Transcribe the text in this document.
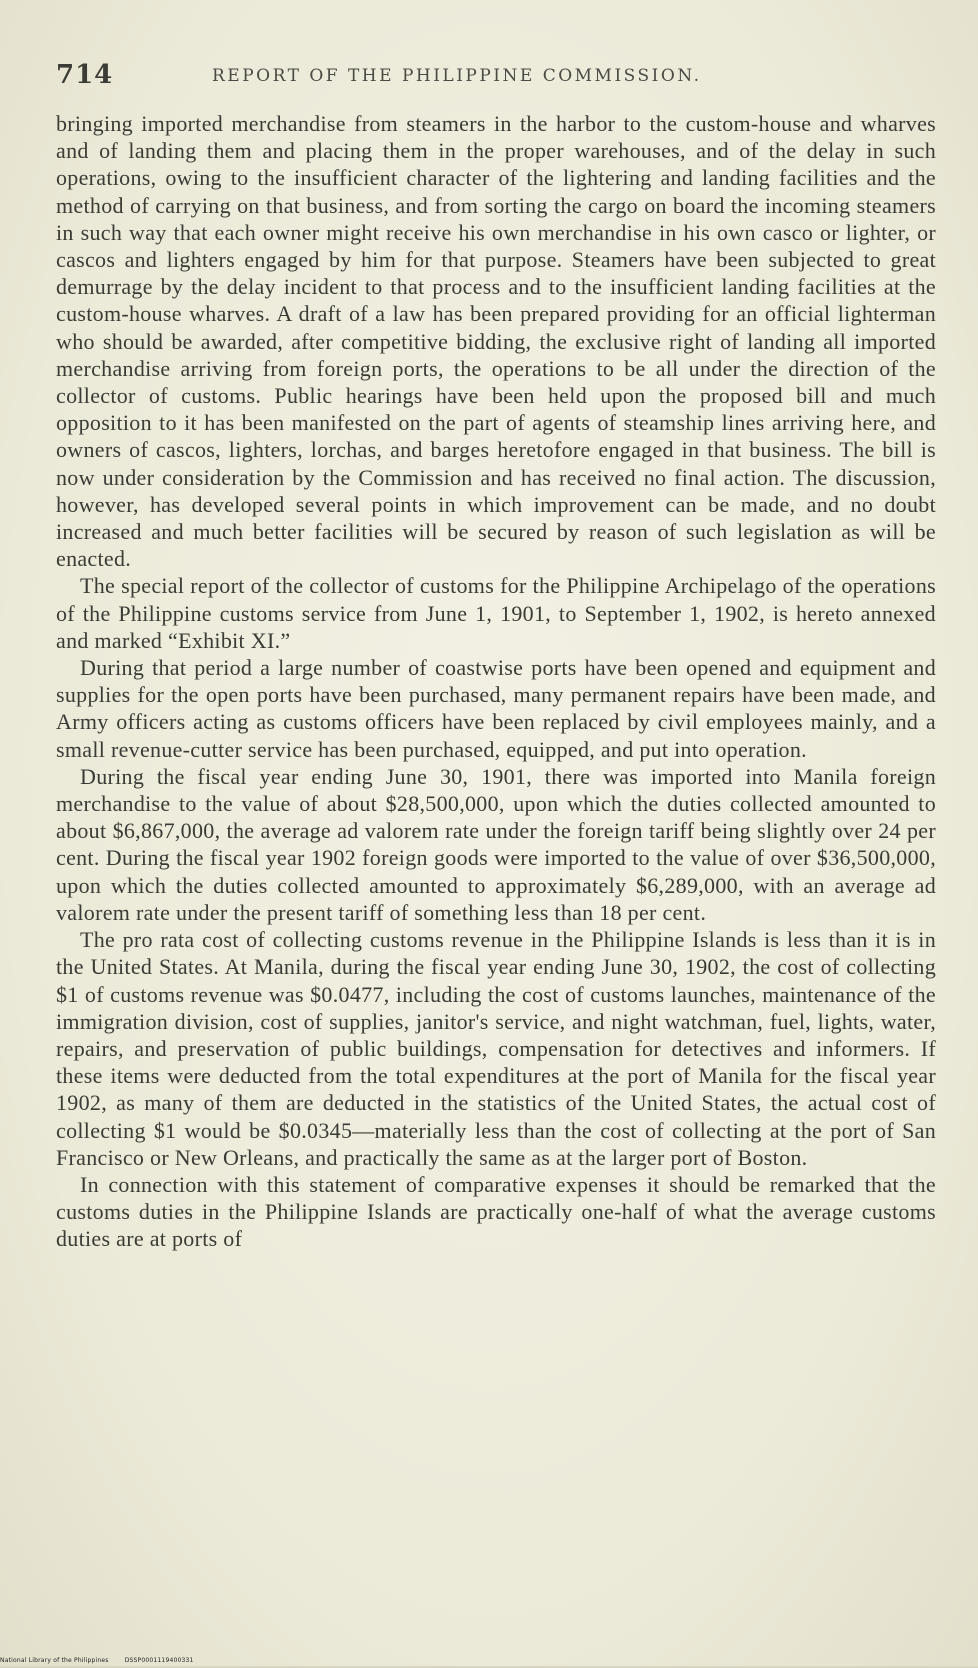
714	REPORT OF THE PHILIPPINE COMMISSION.

bringing imported merchandise from steamers in the harbor to the custom-house and wharves and of landing them and placing them in the proper warehouses, and of the delay in such operations, owing to the insufficient character of the lightering and landing facilities and the method of carrying on that business, and from sorting the cargo on board the incoming steamers in such way that each owner might receive his own merchandise in his own casco or lighter, or cascos and lighters engaged by him for that purpose. Steamers have been subjected to great demurrage by the delay incident to that process and to the insufficient landing facilities at the custom-house wharves. A draft of a law has been prepared providing for an official lighterman who should be awarded, after competitive bidding, the exclusive right of landing all imported merchandise arriving from foreign ports, the operations to be all under the direction of the collector of customs. Public hearings have been held upon the proposed bill and much opposition to it has been manifested on the part of agents of steamship lines arriving here, and owners of cascos, lighters, lorchas, and barges heretofore engaged in that business. The bill is now under consideration by the Commission and has received no final action. The discussion, however, has developed several points in which improvement can be made, and no doubt increased and much better facilities will be secured by reason of such legislation as will be enacted.

The special report of the collector of customs for the Philippine Archipelago of the operations of the Philippine customs service from June 1, 1901, to September 1, 1902, is hereto annexed and marked “Exhibit XI.”

During that period a large number of coastwise ports have been opened and equipment and supplies for the open ports have been purchased, many permanent repairs have been made, and Army officers acting as customs officers have been replaced by civil employees mainly, and a small revenue-cutter service has been purchased, equipped, and put into operation.

During the fiscal year ending June 30, 1901, there was imported into Manila foreign merchandise to the value of about $28,500,000, upon which the duties collected amounted to about $6,867,000, the average ad valorem rate under the foreign tariff being slightly over 24 per cent. During the fiscal year 1902 foreign goods were imported to the value of over $36,500,000, upon which the duties collected amounted to approximately $6,289,000, with an average ad valorem rate under the present tariff of something less than 18 per cent.

The pro rata cost of collecting customs revenue in the Philippine Islands is less than it is in the United States. At Manila, during the fiscal year ending June 30, 1902, the cost of collecting $1 of customs revenue was $0.0477, including the cost of customs launches, maintenance of the immigration division, cost of supplies, janitor's service, and night watchman, fuel, lights, water, repairs, and preservation of public buildings, compensation for detectives and informers. If these items were deducted from the total expenditures at the port of Manila for the fiscal year 1902, as many of them are deducted in the statistics of the United States, the actual cost of collecting $1 would be $0.0345—materially less than the cost of collecting at the port of San Francisco or New Orleans, and practically the same as at the larger port of Boston.

In connection with this statement of comparative expenses it should be remarked that the customs duties in the Philippine Islands are practically one-half of what the average customs duties are at ports of

National Library of the Philippines	DSSP0001119400331
